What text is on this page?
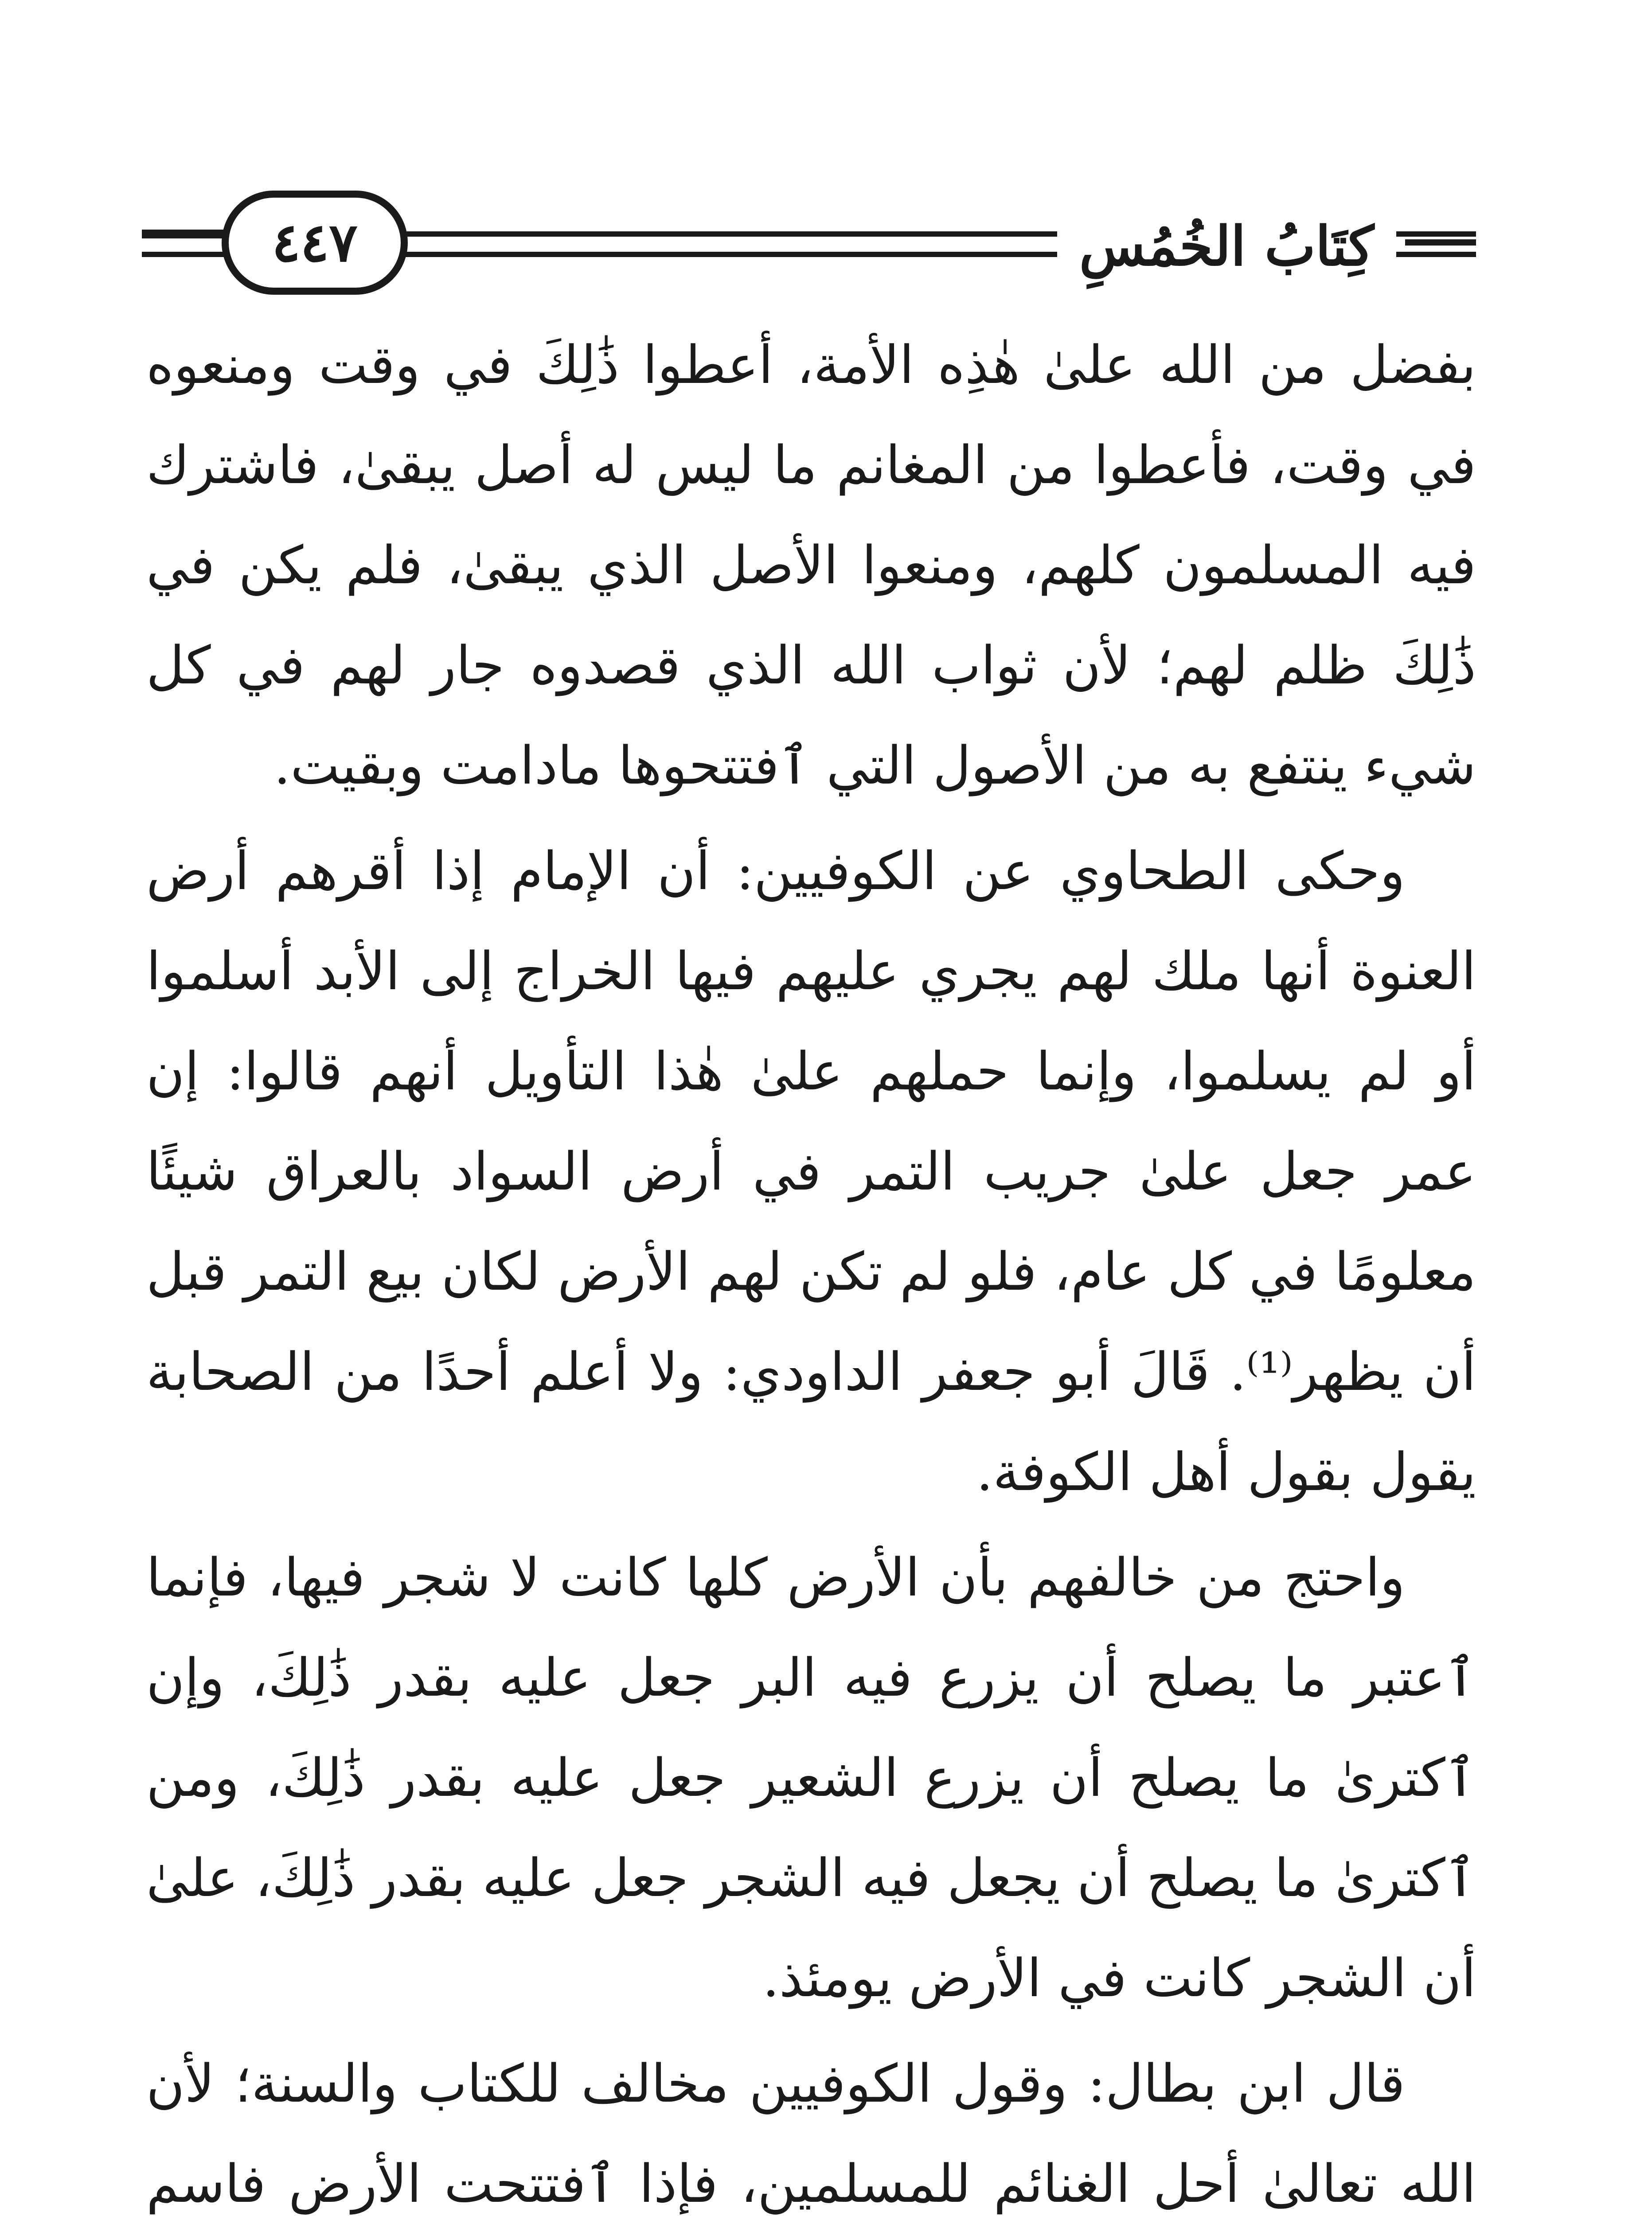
٤٤٧	كِتَابُ الخُمُسِ

بفضل من الله علىٰ هٰذِه الأمة، أعطوا ذَٰلِكَ في وقت ومنعوه في وقت، فأعطوا من المغانم ما ليس له أصل يبقىٰ، فاشترك فيه المسلمون كلهم، ومنعوا الأصل الذي يبقىٰ، فلم يكن في ذَٰلِكَ ظلم لهم؛ لأن ثواب الله الذي قصدوه جار لهم في كل شيء ينتفع به من الأصول التي ٱفتتحوها مادامت وبقيت.

وحكى الطحاوي عن الكوفيين: أن الإمام إذا أقرهم أرض العنوة أنها ملك لهم يجري عليهم فيها الخراج إلى الأبد أسلموا أو لم يسلموا، وإنما حملهم علىٰ هٰذا التأويل أنهم قالوا: إن عمر جعل علىٰ جريب التمر في أرض السواد بالعراق شيئًا معلومًا في كل عام، فلو لم تكن لهم الأرض لكان بيع التمر قبل أن يظهر⁽¹⁾. قَالَ أبو جعفر الداودي: ولا أعلم أحدًا من الصحابة يقول بقول أهل الكوفة.

واحتج من خالفهم بأن الأرض كلها كانت لا شجر فيها، فإنما ٱعتبر ما يصلح أن يزرع فيه البر جعل عليه بقدر ذَٰلِكَ، وإن ٱكترىٰ ما يصلح أن يزرع الشعير جعل عليه بقدر ذَٰلِكَ، ومن ٱكترىٰ ما يصلح أن يجعل فيه الشجر جعل عليه بقدر ذَٰلِكَ، علىٰ أن الشجر كانت في الأرض يومئذ.

قال ابن بطال: وقول الكوفيين مخالف للكتاب والسنة؛ لأن الله تعالىٰ أحل الغنائم للمسلمين، فإذا ٱفتتحت الأرض فاسم
